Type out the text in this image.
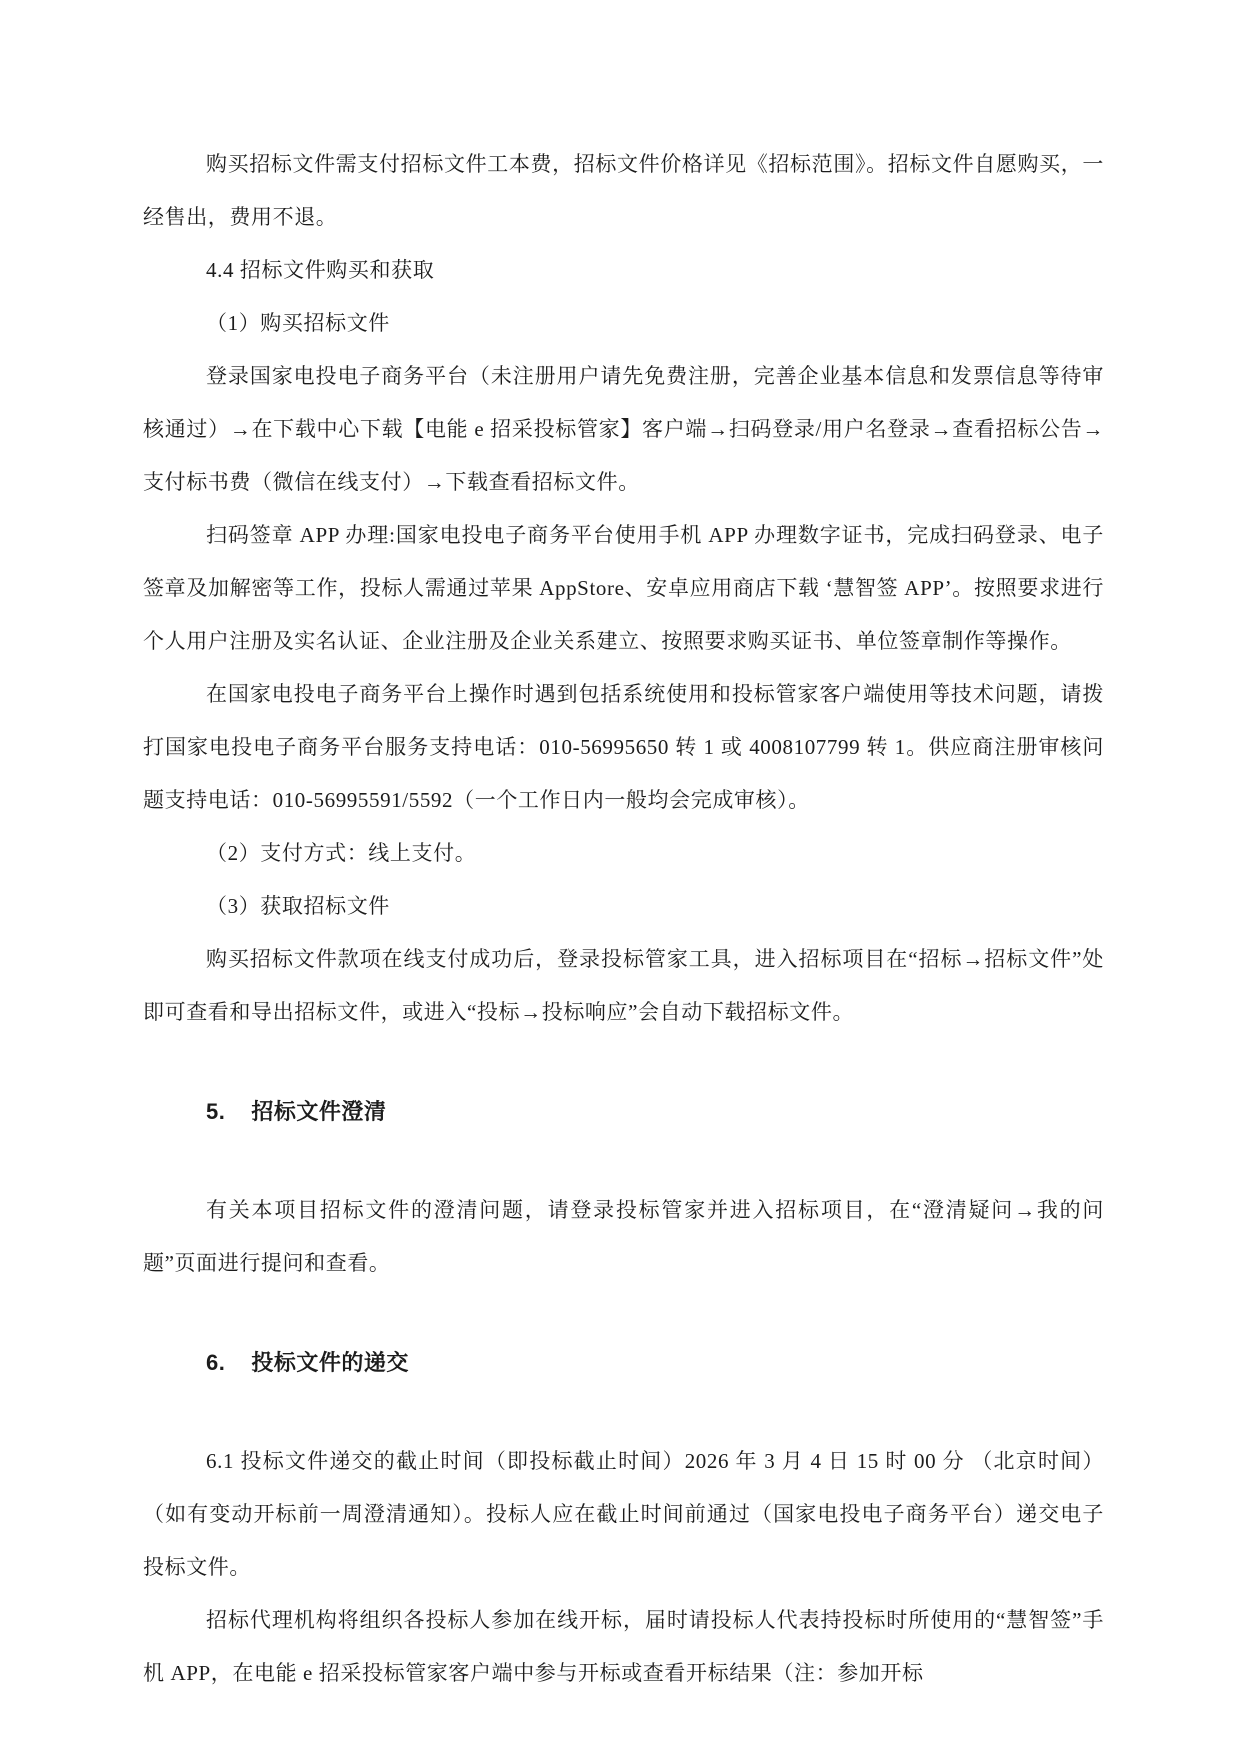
购买招标文件需支付招标文件工本费，招标文件价格详见《招标范围》。招标文件自愿购买，一经售出，费用不退。

4.4 招标文件购买和获取

（1）购买招标文件

登录国家电投电子商务平台（未注册用户请先免费注册，完善企业基本信息和发票信息等待审核通过）→在下载中心下载【电能 e 招采投标管家】客户端→扫码登录/用户名登录→查看招标公告→支付标书费（微信在线支付）→下载查看招标文件。

扫码签章 APP 办理:国家电投电子商务平台使用手机 APP 办理数字证书，完成扫码登录、电子签章及加解密等工作，投标人需通过苹果 AppStore、安卓应用商店下载 ‘慧智签 APP’。按照要求进行个人用户注册及实名认证、企业注册及企业关系建立、按照要求购买证书、单位签章制作等操作。

在国家电投电子商务平台上操作时遇到包括系统使用和投标管家客户端使用等技术问题，请拨打国家电投电子商务平台服务支持电话：010-56995650 转 1 或 4008107799 转 1。供应商注册审核问题支持电话：010-56995591/5592（一个工作日内一般均会完成审核）。

（2）支付方式：线上支付。

（3）获取招标文件

购买招标文件款项在线支付成功后，登录投标管家工具，进入招标项目在“招标→招标文件”处即可查看和导出招标文件，或进入“投标→投标响应”会自动下载招标文件。

5. 招标文件澄清

有关本项目招标文件的澄清问题，请登录投标管家并进入招标项目，在“澄清疑问→我的问题”页面进行提问和查看。

6. 投标文件的递交

6.1 投标文件递交的截止时间（即投标截止时间）2026 年 3 月 4 日 15 时 00 分 （北京时间）（如有变动开标前一周澄清通知）。投标人应在截止时间前通过（国家电投电子商务平台）递交电子投标文件。

招标代理机构将组织各投标人参加在线开标，届时请投标人代表持投标时所使用的“慧智签”手机 APP，在电能 e 招采投标管家客户端中参与开标或查看开标结果（注：参加开标
